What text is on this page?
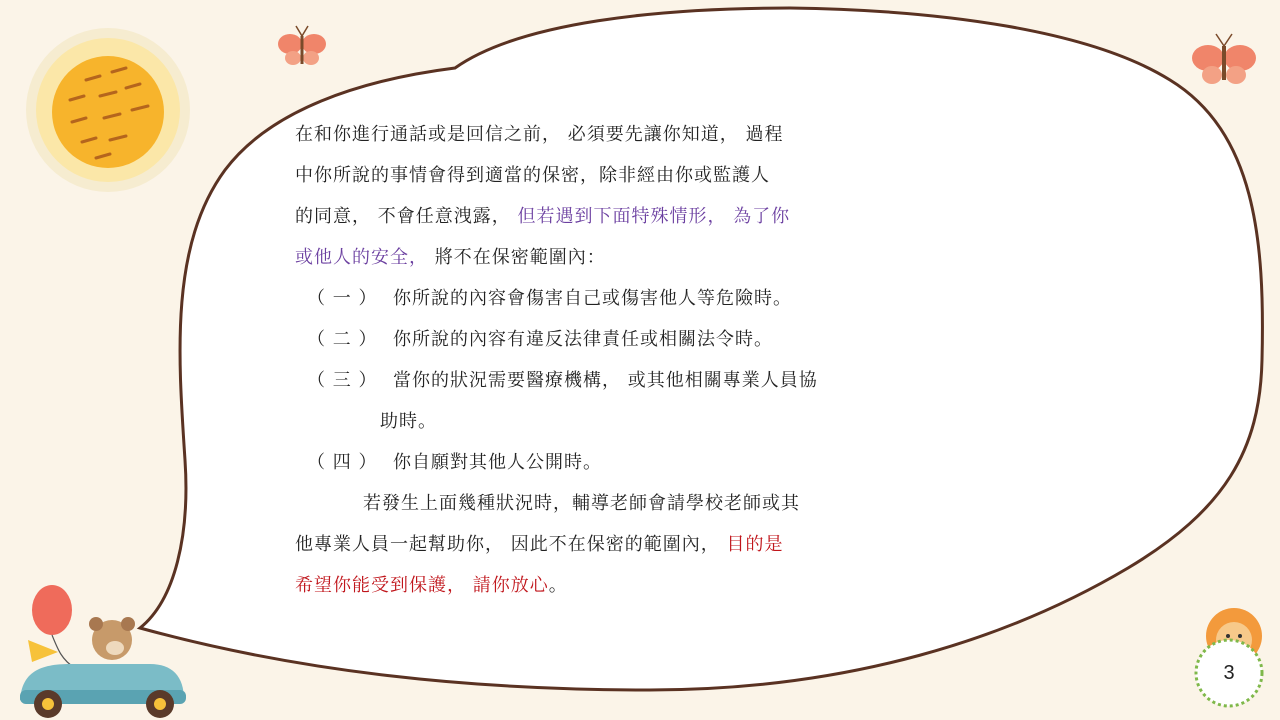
在和你進行通話或是回信之前， 必須要先讓你知道， 過程
中你所說的事情會得到適當的保密，除非經由你或監護人
的同意， 不會任意洩露， 但若遇到下面特殊情形， 為了你
或他人的安全， 將不在保密範圍內：
（ 一 ） 你所說的內容會傷害自己或傷害他人等危險時。
（ 二 ） 你所說的內容有違反法律責任或相關法令時。
（ 三 ） 當你的狀況需要醫療機構， 或其他相關專業人員協
助時。
（ 四 ） 你自願對其他人公開時。
若發生上面幾種狀況時，輔導老師會請學校老師或其
他專業人員一起幫助你， 因此不在保密的範圍內， 目的是
希望你能受到保護， 請你放心。
3
